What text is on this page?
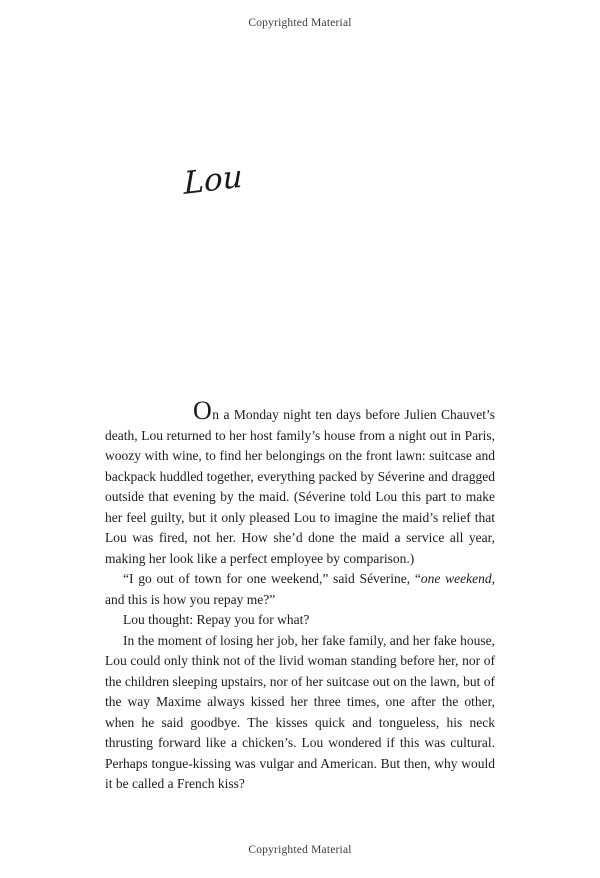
Copyrighted Material
Lou

On a Monday night ten days before Julien Chauvet’s death, Lou returned to her host family’s house from a night out in Paris, woozy with wine, to find her belongings on the front lawn: suitcase and backpack huddled together, everything packed by Séverine and dragged outside that evening by the maid. (Séverine told Lou this part to make her feel guilty, but it only pleased Lou to imagine the maid’s relief that Lou was fired, not her. How she’d done the maid a service all year, making her look like a perfect employee by comparison.)

“I go out of town for one weekend,” said Séverine, “one weekend, and this is how you repay me?”

Lou thought: Repay you for what?

In the moment of losing her job, her fake family, and her fake house, Lou could only think not of the livid woman standing before her, nor of the children sleeping upstairs, nor of her suitcase out on the lawn, but of the way Maxime always kissed her three times, one after the other, when he said goodbye. The kisses quick and tongueless, his neck thrusting forward like a chicken’s. Lou wondered if this was cultural. Perhaps tongue-kissing was vulgar and American. But then, why would it be called a French kiss?

Copyrighted Material
